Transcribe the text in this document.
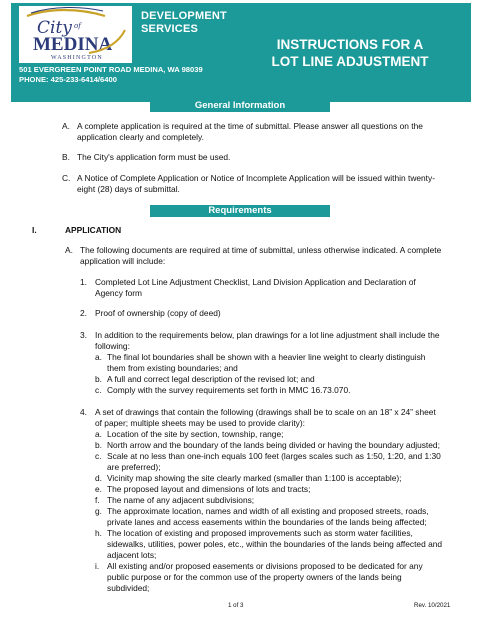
City of
MEDINA
WASHINGTON
DEVELOPMENT
SERVICES
501 EVERGREEN POINT ROAD MEDINA, WA 98039
PHONE: 425-233-6414/6400
INSTRUCTIONS FOR A
LOT LINE ADJUSTMENT
General Information
A. A complete application is required at the time of submittal. Please answer all questions on the
application clearly and completely.
B. The City's application form must be used.
C. A Notice of Complete Application or Notice of Incomplete Application will be issued within twenty-
eight (28) days of submittal.
Requirements
I.	APPLICATION
A. The following documents are required at time of submittal, unless otherwise indicated. A complete
application will include:
1. Completed Lot Line Adjustment Checklist, Land Division Application and Declaration of
Agency form
2. Proof of ownership (copy of deed)
3. In addition to the requirements below, plan drawings for a lot line adjustment shall include the
following:
a. The final lot boundaries shall be shown with a heavier line weight to clearly distinguish
them from existing boundaries; and
b. A full and correct legal description of the revised lot; and
c. Comply with the survey requirements set forth in MMC 16.73.070.
4. A set of drawings that contain the following (drawings shall be to scale on an 18” x 24” sheet
of paper; multiple sheets may be used to provide clarity):
a. Location of the site by section, township, range;
b. North arrow and the boundary of the lands being divided or having the boundary adjusted;
c. Scale at no less than one-inch equals 100 feet (larges scales such as 1:50, 1:20, and 1:30
are preferred);
d. Vicinity map showing the site clearly marked (smaller than 1:100 is acceptable);
e. The proposed layout and dimensions of lots and tracts;
f. The name of any adjacent subdivisions;
g. The approximate location, names and width of all existing and proposed streets, roads,
private lanes and access easements within the boundaries of the lands being affected;
h. The location of existing and proposed improvements such as storm water facilities,
sidewalks, utilities, power poles, etc., within the boundaries of the lands being affected and
adjacent lots;
i. All existing and/or proposed easements or divisions proposed to be dedicated for any
public purpose or for the common use of the property owners of the lands being
subdivided;
1 of 3	Rev. 10/2021
